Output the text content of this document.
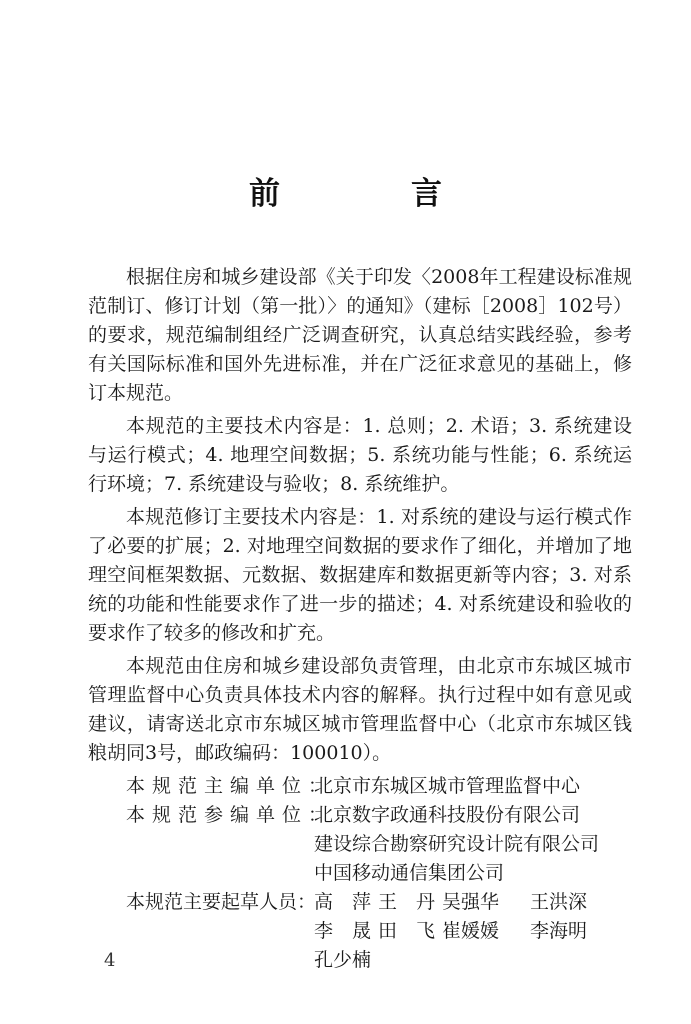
前　言

根据住房和城乡建设部《关于印发〈2008年工程建设标准规范制订、修订计划（第一批）〉的通知》（建标［2008］102号）的要求，规范编制组经广泛调查研究，认真总结实践经验，参考有关国际标准和国外先进标准，并在广泛征求意见的基础上，修订本规范。

本规范的主要技术内容是：1. 总则；2. 术语；3. 系统建设与运行模式；4. 地理空间数据；5. 系统功能与性能；6. 系统运行环境；7. 系统建设与验收；8. 系统维护。

本规范修订主要技术内容是：1. 对系统的建设与运行模式作了必要的扩展；2. 对地理空间数据的要求作了细化，并增加了地理空间框架数据、元数据、数据建库和数据更新等内容；3. 对系统的功能和性能要求作了进一步的描述；4. 对系统建设和验收的要求作了较多的修改和扩充。

本规范由住房和城乡建设部负责管理，由北京市东城区城市管理监督中心负责具体技术内容的解释。执行过程中如有意见或建议，请寄送北京市东城区城市管理监督中心（北京市东城区钱粮胡同3号，邮政编码：100010）。

本规范主编单位：
北京市东城区城市管理监督中心
本规范参编单位：
北京数字政通科技股份有限公司
建设综合勘察研究设计院有限公司
中国移动通信集团公司
本规范主要起草人员：
高　萍 王　丹 吴强华	王洪深
李　晟 田　飞 崔媛媛	李海明
孔少楠
4
